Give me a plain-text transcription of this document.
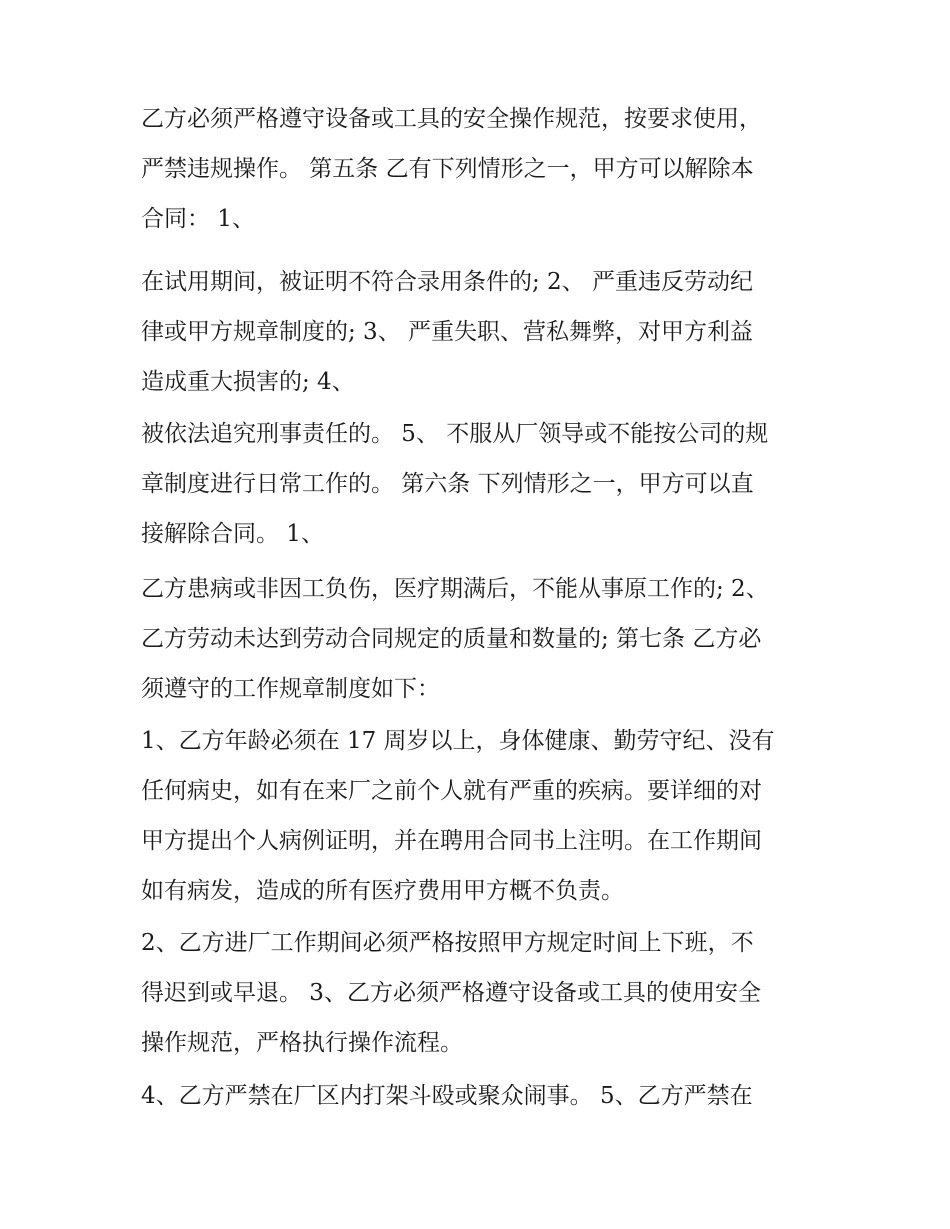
乙方必须严格遵守设备或工具的安全操作规范，按要求使用，
严禁违规操作。 第五条 乙有下列情形之一，甲方可以解除本
合同： 1、
在试用期间，被证明不符合录用条件的; 2、 严重违反劳动纪
律或甲方规章制度的; 3、 严重失职、营私舞弊，对甲方利益
造成重大损害的; 4、
被依法追究刑事责任的。 5、 不服从厂领导或不能按公司的规
章制度进行日常工作的。 第六条 下列情形之一，甲方可以直
接解除合同。 1、
乙方患病或非因工负伤，医疗期满后，不能从事原工作的; 2、
乙方劳动未达到劳动合同规定的质量和数量的; 第七条 乙方必
须遵守的工作规章制度如下：
1、乙方年龄必须在 17 周岁以上，身体健康、勤劳守纪、没有
任何病史，如有在来厂之前个人就有严重的疾病。要详细的对
甲方提出个人病例证明，并在聘用合同书上注明。在工作期间
如有病发，造成的所有医疗费用甲方概不负责。
2、乙方进厂工作期间必须严格按照甲方规定时间上下班，不
得迟到或早退。 3、乙方必须严格遵守设备或工具的使用安全
操作规范，严格执行操作流程。
4、乙方严禁在厂区内打架斗殴或聚众闹事。 5、乙方严禁在
